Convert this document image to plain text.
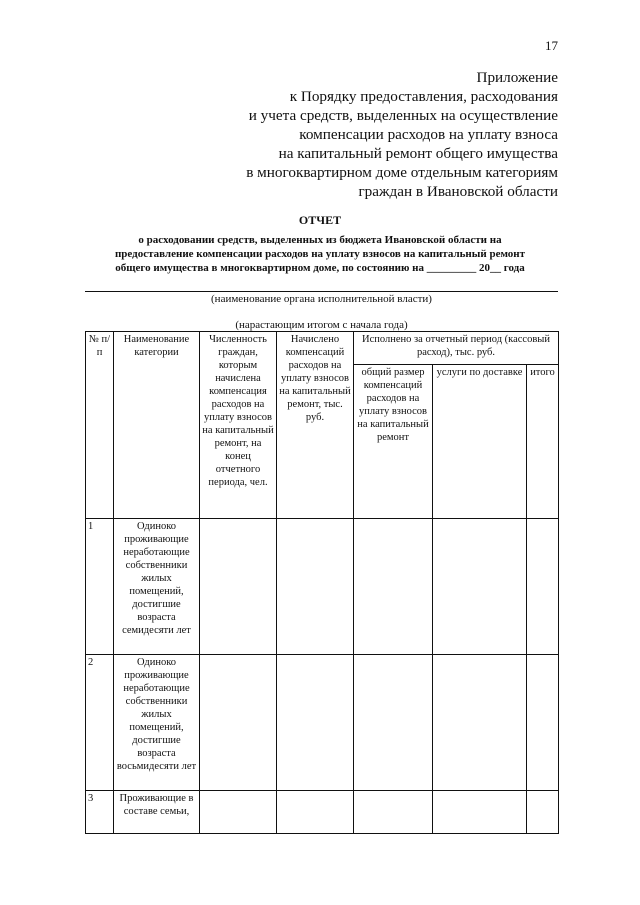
17
Приложение
к Порядку предоставления, расходования
и учета средств, выделенных на осуществление
компенсации расходов на уплату взноса
на капитальный ремонт общего имущества
в многоквартирном доме отдельным категориям
граждан в Ивановской области
ОТЧЕТ
о расходовании средств, выделенных из бюджета Ивановской области на
предоставление компенсации расходов на уплату взносов на капитальный ремонт
общего имущества в многоквартирном доме, по состоянию на _________ 20__ года
(наименование органа исполнительной власти)
(нарастающим итогом с начала года)
№ п/п	Наименование категории	Численность граждан, которым начислена компенсация расходов на уплату взносов на капитальный ремонт, на конец отчетного периода, чел.	Начислено компенсаций расходов на уплату взносов на капитальный ремонт, тыс. руб.	Исполнено за отчетный период (кассовый расход), тыс. руб.		
				общий размер компенсаций расходов на уплату взносов на капитальный ремонт	услуги по доставке	итого
1	Одиноко проживающие неработающие собственники жилых помещений, достигшие возраста семидесяти лет					
2	Одиноко проживающие неработающие собственники жилых помещений, достигшие возраста восьмидесяти лет					
3	Проживающие в составе семьи,					
